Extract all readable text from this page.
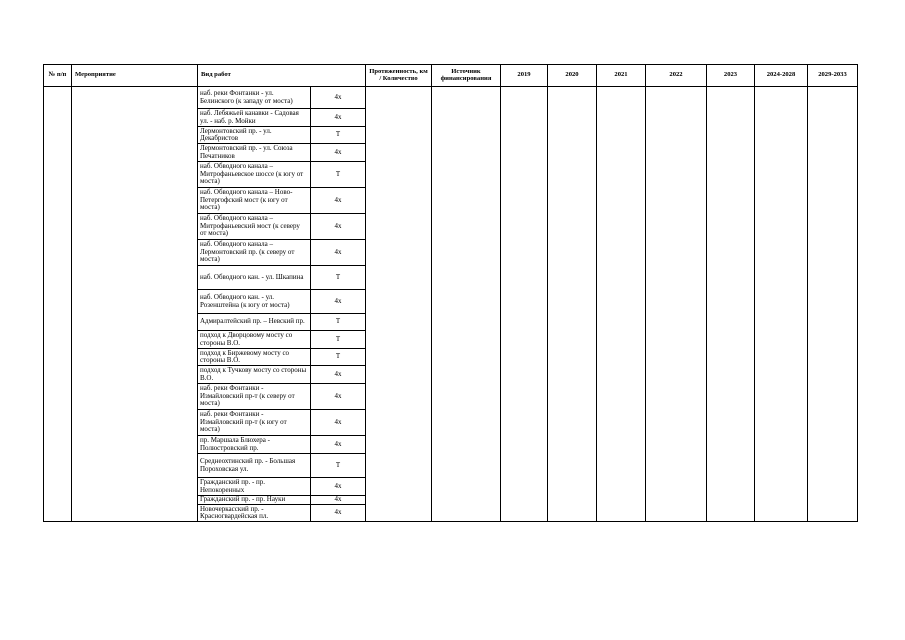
№ п/п	Мероприятие	Вид работ		Протяженность, км / Количество	Источник финансирования	2019	2020	2021	2022	2023	2024-2028	2029-2033
		наб. реки Фонтанки - ул. Белинского (к западу от моста)	4х									
		наб. Лебяжьей канавки - Садовая ул. - наб. р. Мойки	4х									
		Лермонтовский пр. - ул. Декабристов	Т									
		Лермонтовский пр. - ул. Союза Печатников	4х									
		наб. Обводного канала – Митрофаньевское шоссе (к югу от моста)	Т									
		наб. Обводного канала – Ново-Петергофский мост (к югу от моста)	4х									
		наб. Обводного канала – Митрофаньевский мост (к северу от моста)	4х									
		наб. Обводного канала – Лермонтовский пр. (к северу от моста)	4х									
		наб. Обводного кан. - ул. Шкапина	Т									
		наб. Обводного кан. - ул. Розенштейна (к югу от моста)	4х									
		Адмиралтейский пр. – Невский пр.	Т									
		подход к Дворцовому мосту со стороны В.О.	Т									
		подход к Биржевому мосту со стороны В.О.	Т									
		подход к Тучкову мосту со стороны В.О.	4х									
		наб. реки Фонтанки - Измайловский пр-т (к северу от моста)	4х									
		наб. реки Фонтанки - Измайловский пр-т (к югу от моста)	4х									
		пр. Маршала Блюхера - Полюстровский пр.	4х									
		Среднеохтинский пр. - Большая Пороховская ул.	Т									
		Гражданский пр. - пр. Непокоренных	4х									
		Гражданский пр. - пр. Науки	4х									
		Новочеркасский пр. - Красногвардейская пл.	4х									
